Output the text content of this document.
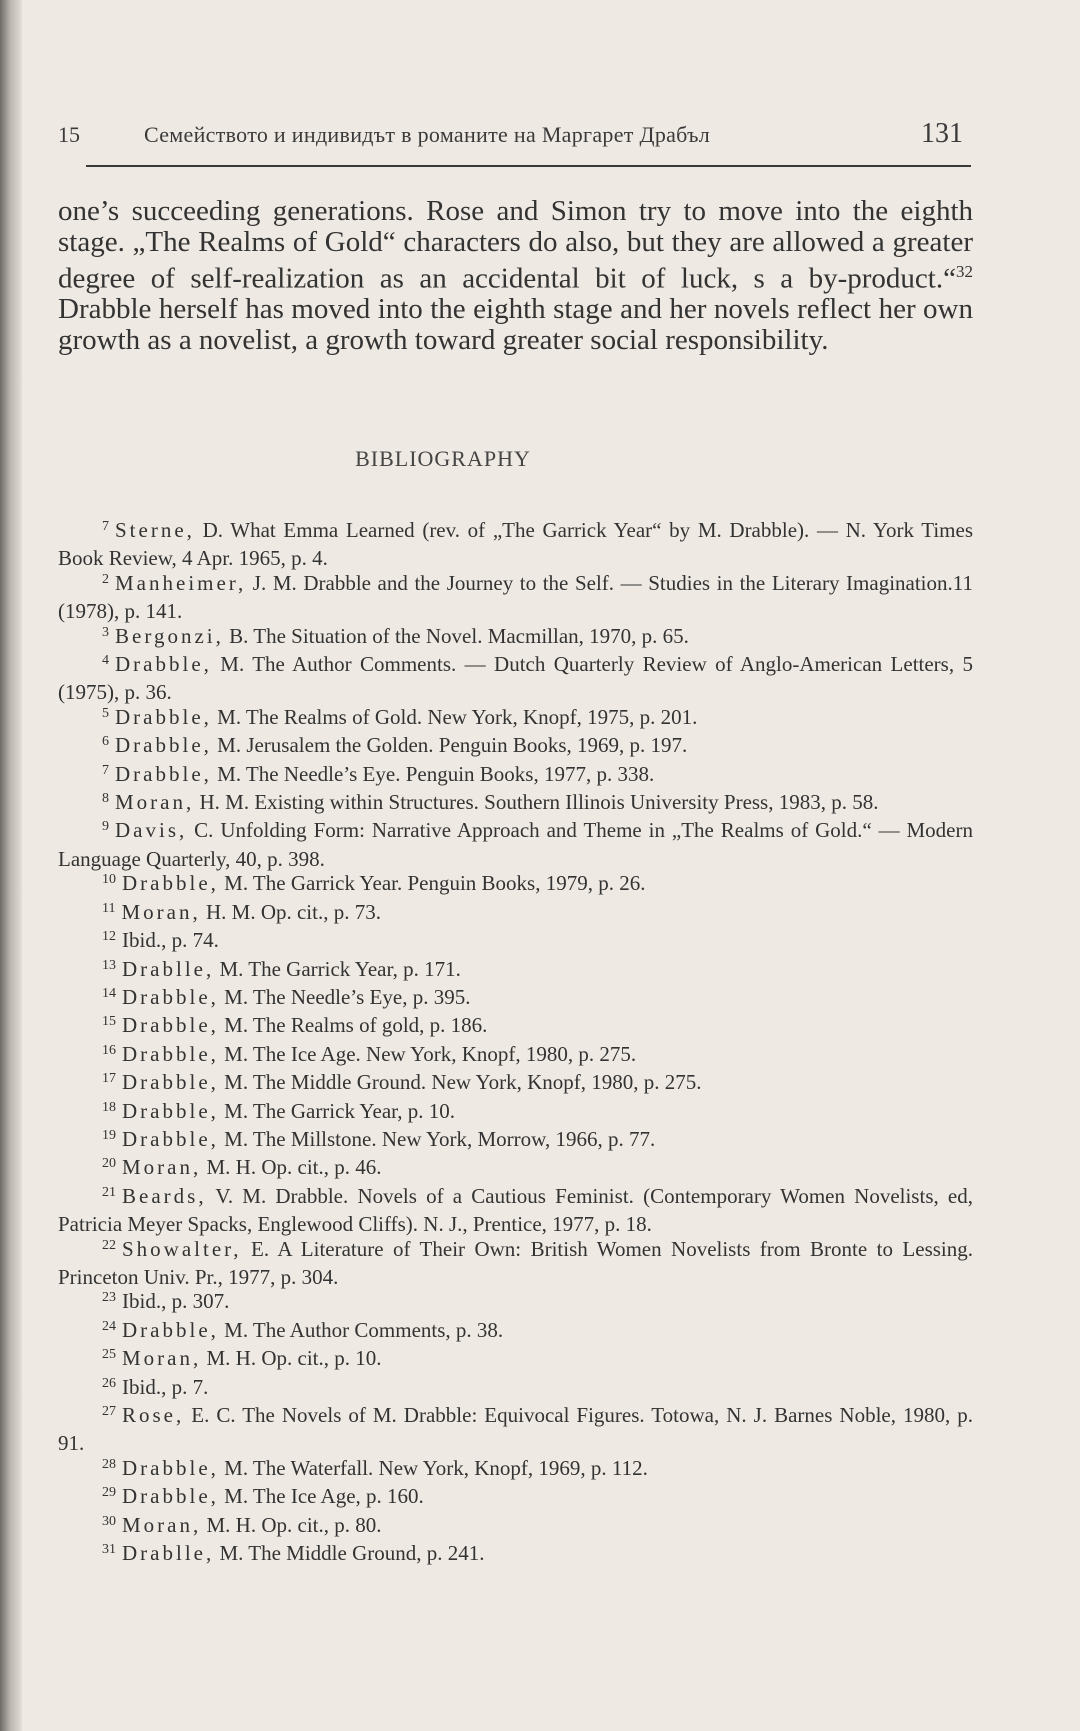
15	Семейството и индивидът в романите на Маргарет Драбъл	131
one’s succeeding generations. Rose and Simon try to move into the eighth stage. „The Realms of Gold“ characters do also, but they are allowed a greater degree of self-realization as an accidental bit of luck, s a by-product.“$^{32}$ Drabble herself has moved into the eighth stage and her novels reflect her own growth as a novelist, a growth toward greater social responsibility.
BIBLIOGRAPHY

$^7$ Sterne, D. What Emma Learned (rev. of „The Garrick Year“ by M. Drabble). — N. York Times Book Review, 4 Apr. 1965, p. 4.

$^2$ Manheimer, J. M. Drabble and the Journey to the Self. — Studies in the Literary Imagination.11 (1978), p. 141.

$^3$ Bergonzi, B. The Situation of the Novel. Macmillan, 1970, p. 65.

$^4$ Drabble, M. The Author Comments. — Dutch Quarterly Review of Anglo-American Letters, 5 (1975), p. 36.

$^5$ Drabble, M. The Realms of Gold. New York, Knopf, 1975, p. 201.

$^6$ Drabble, M. Jerusalem the Golden. Penguin Books, 1969, p. 197.

$^7$ Drabble, M. The Needle’s Eye. Penguin Books, 1977, p. 338.

$^8$ Moran, H. M. Existing within Structures. Southern Illinois University Press, 1983, p. 58.

$^9$ Davis, C. Unfolding Form: Narrative Approach and Theme in „The Realms of Gold.“ — Modern Language Quarterly, 40, p. 398.

$^{10}$ Drabble, M. The Garrick Year. Penguin Books, 1979, p. 26.

$^{11}$ Moran, H. M. Op. cit., p. 73.

$^{12}$ Ibid., p. 74.

$^{13}$ Drablle, M. The Garrick Year, p. 171.

$^{14}$ Drabble, M. The Needle’s Eye, p. 395.

$^{15}$ Drabble, M. The Realms of gold, p. 186.

$^{16}$ Drabble, M. The Ice Age. New York, Knopf, 1980, p. 275.

$^{17}$ Drabble, M. The Middle Ground. New York, Knopf, 1980, p. 275.

$^{18}$ Drabble, M. The Garrick Year, p. 10.

$^{19}$ Drabble, M. The Millstone. New York, Morrow, 1966, p. 77.

$^{20}$ Moran, M. H. Op. cit., p. 46.

$^{21}$ Beards, V. M. Drabble. Novels of a Cautious Feminist. (Contemporary Women Novelists, ed, Patricia Meyer Spacks, Englewood Cliffs). N. J., Prentice, 1977, p. 18.

$^{22}$ Showalter, E. A Literature of Their Own: British Women Novelists from Bronte to Lessing. Princeton Univ. Pr., 1977, p. 304.

$^{23}$ Ibid., p. 307.

$^{24}$ Drabble, M. The Author Comments, p. 38.

$^{25}$ Moran, M. H. Op. cit., p. 10.

$^{26}$ Ibid., p. 7.

$^{27}$ Rose, E. C. The Novels of M. Drabble: Equivocal Figures. Totowa, N. J. Barnes Noble, 1980, p. 91.

$^{28}$ Drabble, M. The Waterfall. New York, Knopf, 1969, p. 112.

$^{29}$ Drabble, M. The Ice Age, p. 160.

$^{30}$ Moran, M. H. Op. cit., p. 80.

$^{31}$ Drablle, M. The Middle Ground, p. 241.
